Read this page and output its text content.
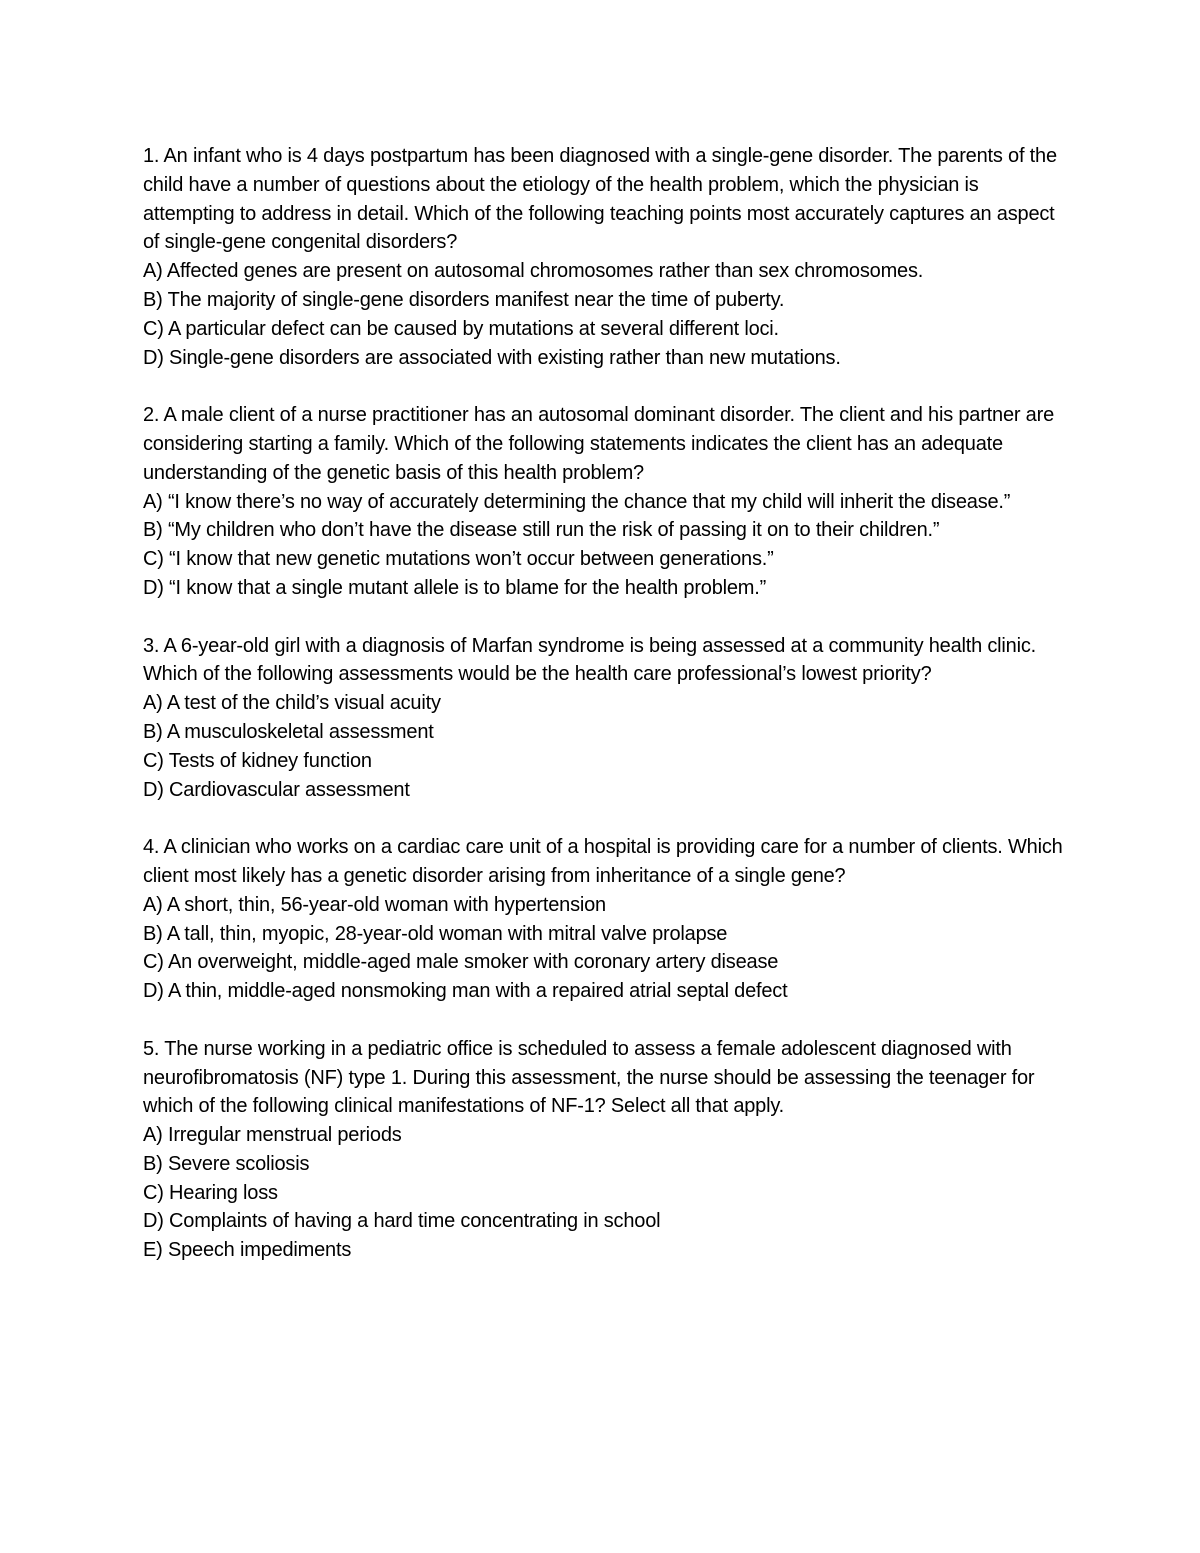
1. An infant who is 4 days postpartum has been diagnosed with a single-gene disorder. The parents of the child have a number of questions about the etiology of the health problem, which the physician is attempting to address in detail. Which of the following teaching points most accurately captures an aspect of single-gene congenital disorders?

A) Affected genes are present on autosomal chromosomes rather than sex chromosomes.

B) The majority of single-gene disorders manifest near the time of puberty.

C) A particular defect can be caused by mutations at several different loci.

D) Single-gene disorders are associated with existing rather than new mutations.

2. A male client of a nurse practitioner has an autosomal dominant disorder. The client and his partner are considering starting a family. Which of the following statements indicates the client has an adequate understanding of the genetic basis of this health problem?

A) “I know there’s no way of accurately determining the chance that my child will inherit the disease.”

B) “My children who don’t have the disease still run the risk of passing it on to their children.”

C) “I know that new genetic mutations won’t occur between generations.”

D) “I know that a single mutant allele is to blame for the health problem.”

3. A 6-year-old girl with a diagnosis of Marfan syndrome is being assessed at a community health clinic. Which of the following assessments would be the health care professional’s lowest priority?

A) A test of the child’s visual acuity

B) A musculoskeletal assessment

C) Tests of kidney function

D) Cardiovascular assessment

4. A clinician who works on a cardiac care unit of a hospital is providing care for a number of clients. Which client most likely has a genetic disorder arising from inheritance of a single gene?

A) A short, thin, 56-year-old woman with hypertension

B) A tall, thin, myopic, 28-year-old woman with mitral valve prolapse

C) An overweight, middle-aged male smoker with coronary artery disease

D) A thin, middle-aged nonsmoking man with a repaired atrial septal defect

5. The nurse working in a pediatric office is scheduled to assess a female adolescent diagnosed with neurofibromatosis (NF) type 1. During this assessment, the nurse should be assessing the teenager for which of the following clinical manifestations of NF-1? Select all that apply.

A) Irregular menstrual periods

B) Severe scoliosis

C) Hearing loss

D) Complaints of having a hard time concentrating in school

E) Speech impediments
